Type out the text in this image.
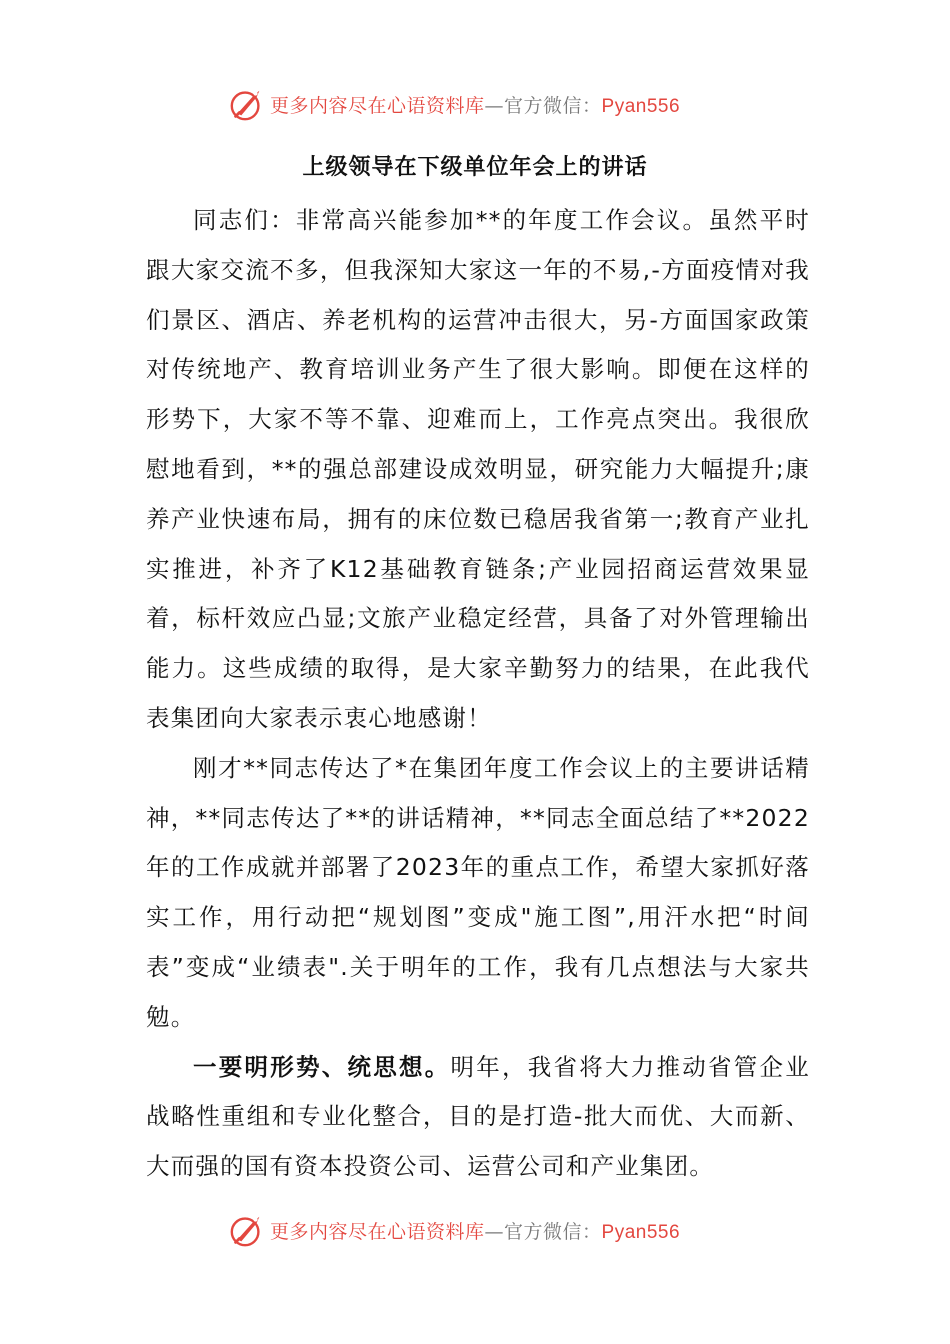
更多内容尽在心语资料库—官方微信：Pyan556
上级领导在下级单位年会上的讲话

同志们：非常高兴能参加**的年度工作会议。虽然平时跟大家交流不多，但我深知大家这一年的不易,-方面疫情对我们景区、酒店、养老机构的运营冲击很大，另-方面国家政策对传统地产、教育培训业务产生了很大影响。即便在这样的形势下，大家不等不靠、迎难而上，工作亮点突出。我很欣慰地看到，**的强总部建设成效明显，研究能力大幅提升;康养产业快速布局，拥有的床位数已稳居我省第一;教育产业扎实推进，补齐了K12基础教育链条;产业园招商运营效果显着，标杆效应凸显;文旅产业稳定经营，具备了对外管理输出能力。这些成绩的取得，是大家辛勤努力的结果，在此我代表集团向大家表示衷心地感谢！

刚才**同志传达了*在集团年度工作会议上的主要讲话精神，**同志传达了**的讲话精神，**同志全面总结了**2022年的工作成就并部署了2023年的重点工作，希望大家抓好落实工作，用行动把“规划图”变成"施工图”,用汗水把“时间表”变成“业绩表".关于明年的工作，我有几点想法与大家共勉。

一要明形势、统思想。明年，我省将大力推动省管企业战略性重组和专业化整合，目的是打造-批大而优、大而新、大而强的国有资本投资公司、运营公司和产业集团。

更多内容尽在心语资料库—官方微信：Pyan556
